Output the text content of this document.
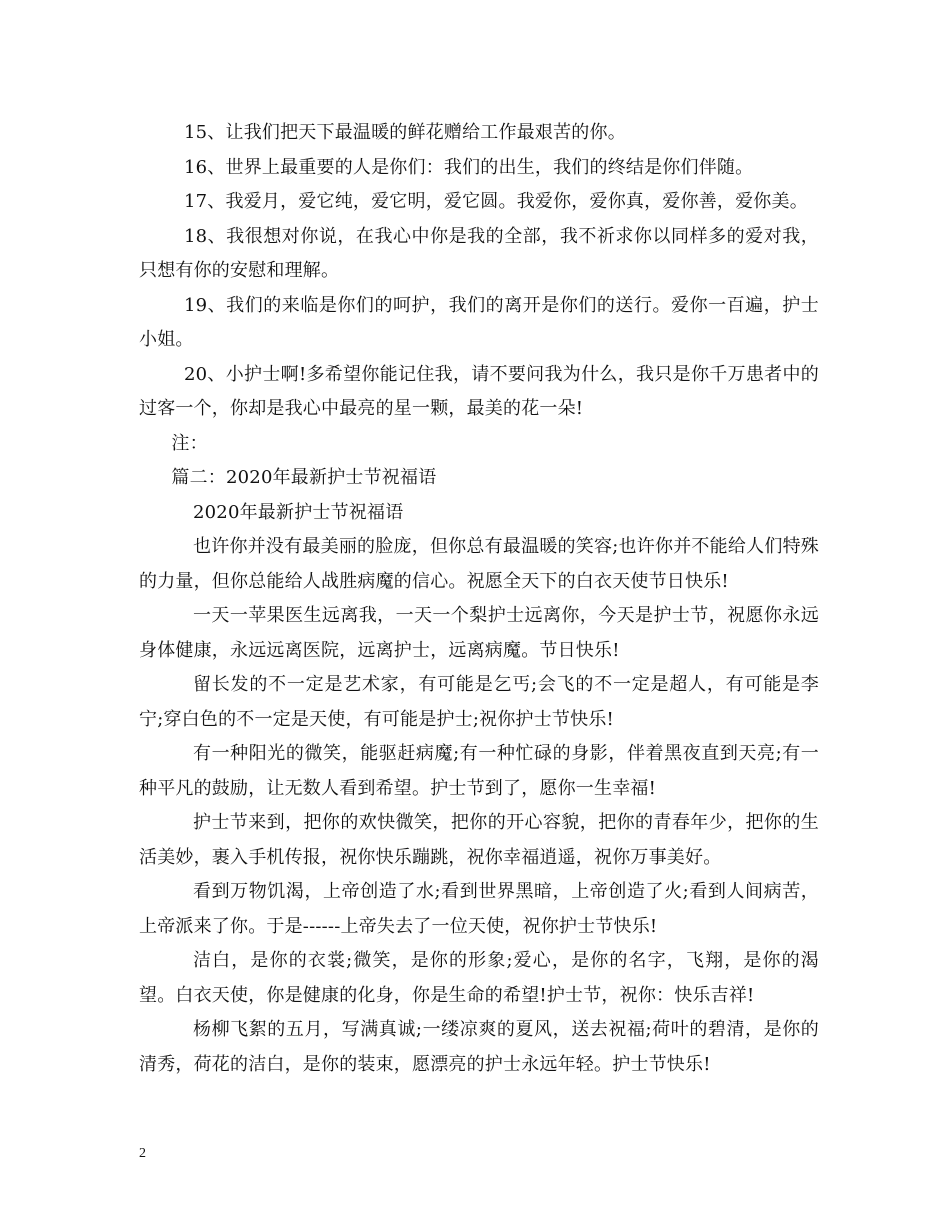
15、让我们把天下最温暖的鲜花赠给工作最艰苦的你。

16、世界上最重要的人是你们：我们的出生，我们的终结是你们伴随。

17、我爱月，爱它纯，爱它明，爱它圆。我爱你，爱你真，爱你善，爱你美。

18、我很想对你说，在我心中你是我的全部，我不祈求你以同样多的爱对我，只想有你的安慰和理解。

19、我们的来临是你们的呵护，我们的离开是你们的送行。爱你一百遍，护士小姐。

20、小护士啊!多希望你能记住我，请不要问我为什么，我只是你千万患者中的过客一个，你却是我心中最亮的星一颗，最美的花一朵!

注：

篇二：2020年最新护士节祝福语

2020年最新护士节祝福语

也许你并没有最美丽的脸庞，但你总有最温暖的笑容;也许你并不能给人们特殊的力量，但你总能给人战胜病魔的信心。祝愿全天下的白衣天使节日快乐!

一天一苹果医生远离我，一天一个梨护士远离你，今天是护士节，祝愿你永远身体健康，永远远离医院，远离护士，远离病魔。节日快乐!

留长发的不一定是艺术家，有可能是乞丐;会飞的不一定是超人，有可能是李宁;穿白色的不一定是天使，有可能是护士;祝你护士节快乐!

有一种阳光的微笑，能驱赶病魔;有一种忙碌的身影，伴着黑夜直到天亮;有一种平凡的鼓励，让无数人看到希望。护士节到了，愿你一生幸福!

护士节来到，把你的欢快微笑，把你的开心容貌，把你的青春年少，把你的生活美妙，裹入手机传报，祝你快乐蹦跳，祝你幸福逍遥，祝你万事美好。

看到万物饥渴，上帝创造了水;看到世界黑暗，上帝创造了火;看到人间病苦，上帝派来了你。于是------上帝失去了一位天使，祝你护士节快乐!

洁白，是你的衣裳;微笑，是你的形象;爱心，是你的名字，飞翔，是你的渴望。白衣天使，你是健康的化身，你是生命的希望!护士节，祝你：快乐吉祥!

杨柳飞絮的五月，写满真诚;一缕凉爽的夏风，送去祝福;荷叶的碧清，是你的清秀，荷花的洁白，是你的装束，愿漂亮的护士永远年轻。护士节快乐!

2
